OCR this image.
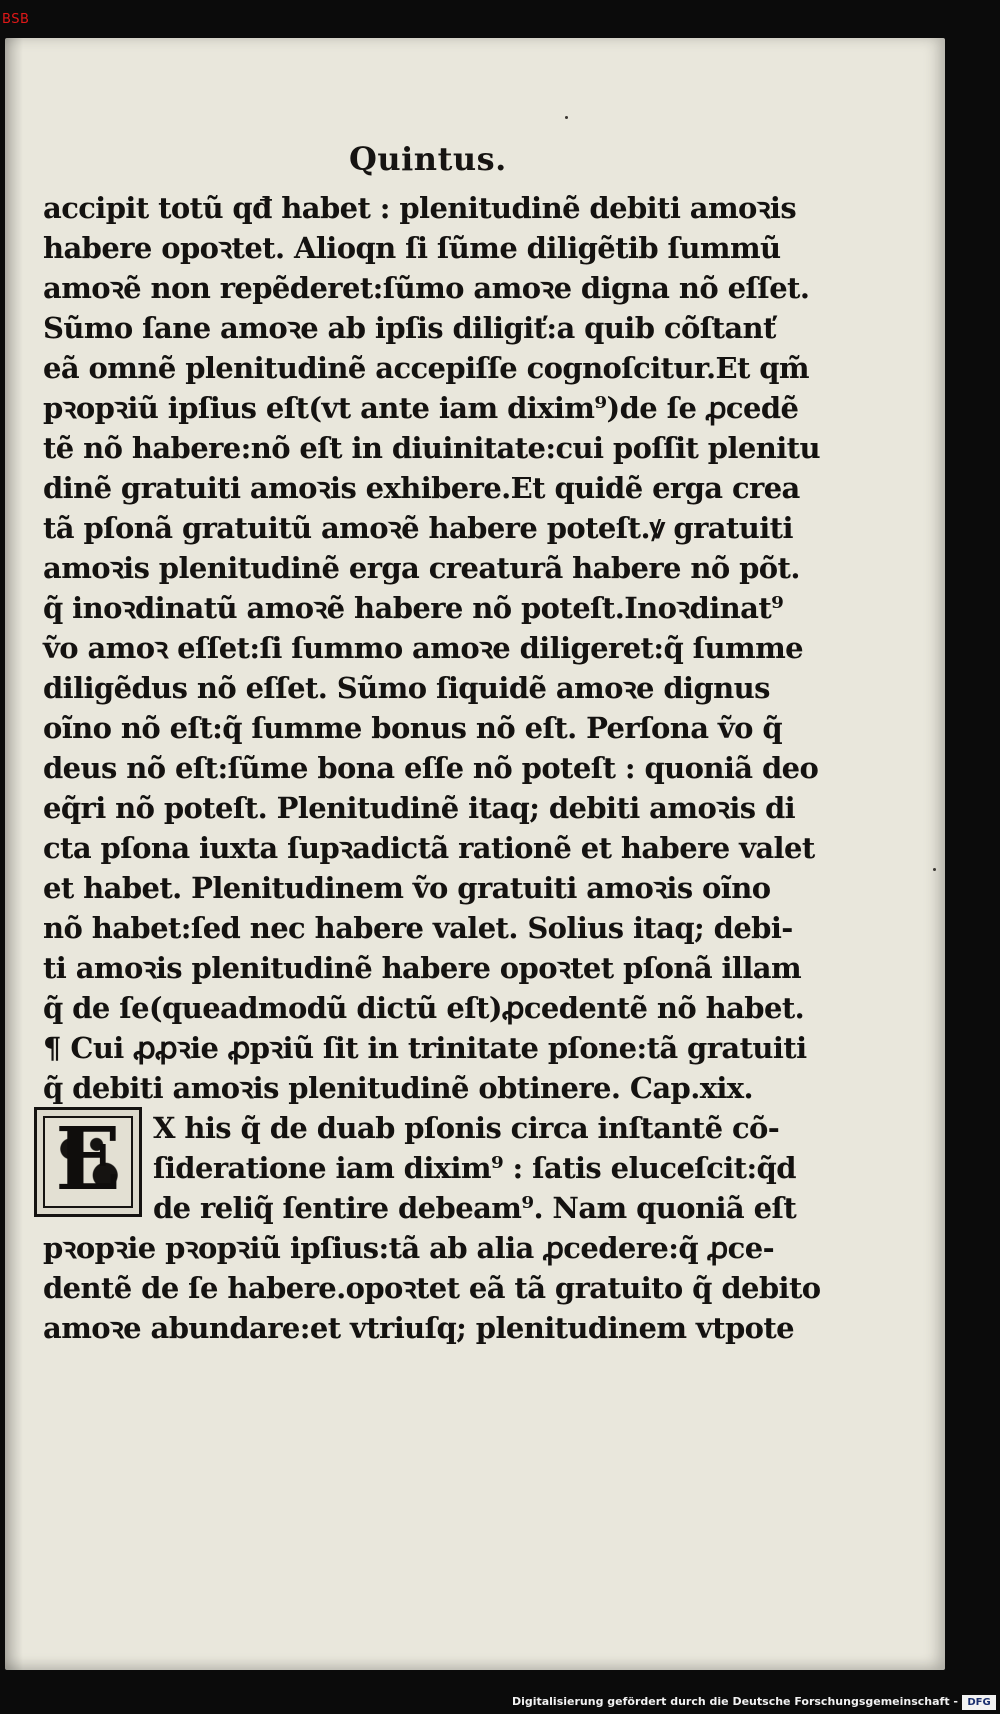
BSB
Quintus.
accipit totũ qđ habet : plenitudinẽ debiti amoꝛis
habere opoꝛtet. Alioqn ſi ſũme diligẽtib ſummũ
amoꝛẽ non repẽderet:ſũmo amoꝛe digna nõ eſſet.
Sũmo ſane amoꝛe ab ipſis diligiť:a quib cõſtanť
eã omnẽ plenitudinẽ accepiſſe cognoſcitur.Et qm̃
pꝛopꝛiũ ipſius eſt(vt ante iam dixim⁹)de ſe ꝓcedẽ
tẽ nõ habere:nõ eſt in diuinitate:cui poſſit plenitu
dinẽ gratuiti amoꝛis exhibere.Et quidẽ erga crea
tã pſonã gratuitũ amoꝛẽ habere poteſt.ꝟ gratuiti
amoꝛis plenitudinẽ erga creaturã habere nõ põt.
q̃ inoꝛdinatũ amoꝛẽ habere nõ poteſt.Inoꝛdinat⁹
ṽo amoꝛ eſſet:ſi ſummo amoꝛe diligeret:q̃ ſumme
diligẽdus nõ eſſet. Sũmo ſiquidẽ amoꝛe dignus
oĩno nõ eſt:q̃ ſumme bonus nõ eſt. Perſona ṽo q̃
deus nõ eſt:ſũme bona eſſe nõ poteſt : quoniã deo
eq̃ri nõ poteſt. Plenitudinẽ itaq; debiti amoꝛis di
cta pſona iuxta ſupꝛadictã rationẽ et habere valet
et habet. Plenitudinem ṽo gratuiti amoꝛis oĩno
nõ habet:ſed nec habere valet. Solius itaq; debi-
ti amoꝛis plenitudinẽ habere opoꝛtet pſonã illam
q̃ de ſe(queadmodũ dictũ eſt)ꝓcedentẽ nõ habet.
¶ Cui ꝓꝓꝛie ꝓpꝛiũ ſit in trinitate pſone:tã gratuiti
q̃ debiti amoꝛis plenitudinẽ obtinere. Cap.xix.
X his q̃ de duab pſonis circa inſtantẽ cõ-
ſideratione iam dixim⁹ : ſatis eluceſcit:q̃d
de reliq̃ ſentire debeam⁹. Nam quoniã eſt
pꝛopꝛie pꝛopꝛiũ ipſius:tã ab alia ꝓcedere:q̃ ꝓce-
dentẽ de ſe habere.opoꝛtet eã tã gratuito q̃ debito
amoꝛe abundare:et vtriuſq; plenitudinem vtpote
E
Digitalisierung gefördert durch die Deutsche Forschungsgemeinschaft - DFG
